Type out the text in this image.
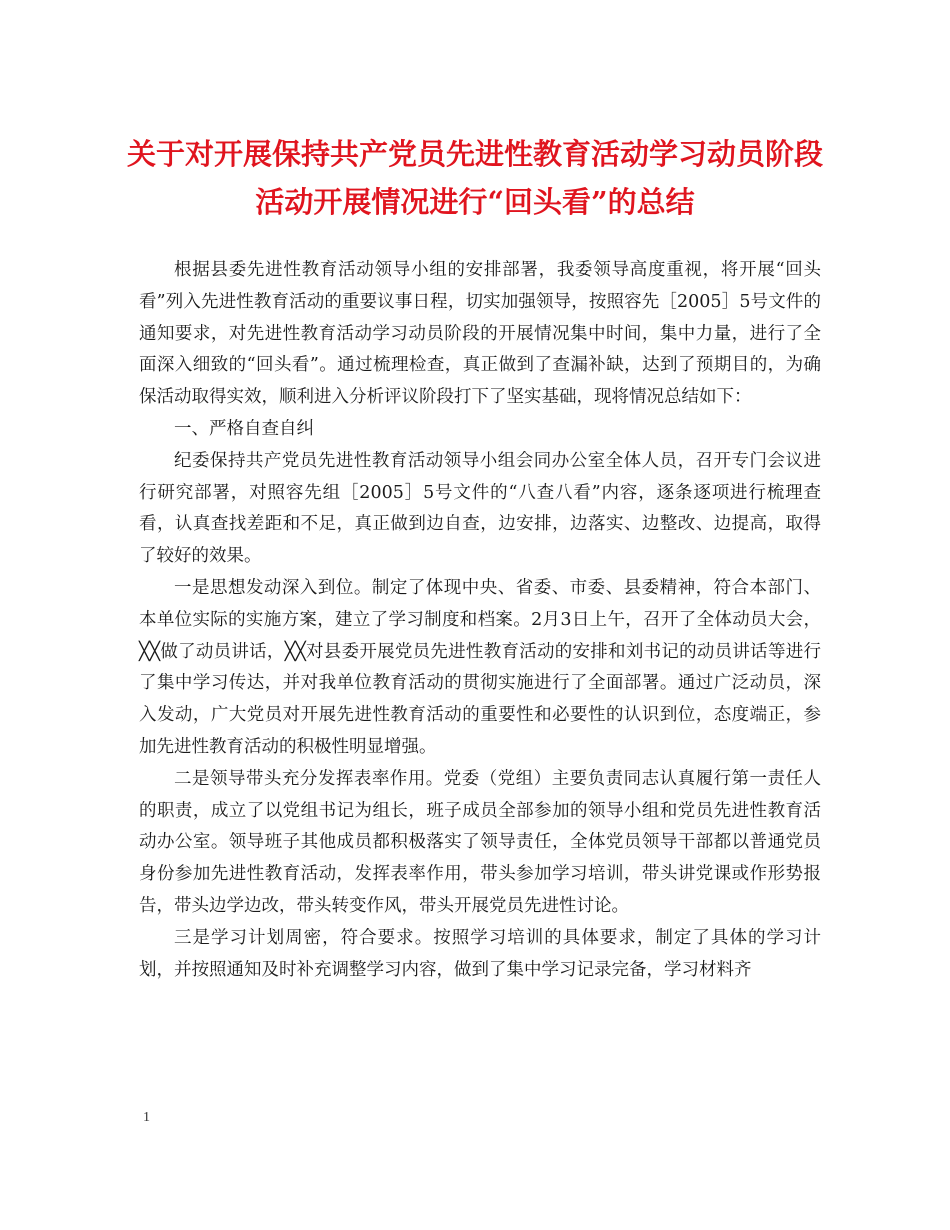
关于对开展保持共产党员先进性教育活动学习动员阶段
活动开展情况进行“回头看”的总结

根据县委先进性教育活动领导小组的安排部署，我委领导高度重视，将开展“回头看”列入先进性教育活动的重要议事日程，切实加强领导，按照容先［2005］5号文件的通知要求，对先进性教育活动学习动员阶段的开展情况集中时间，集中力量，进行了全面深入细致的“回头看”。通过梳理检查，真正做到了查漏补缺，达到了预期目的，为确保活动取得实效，顺利进入分析评议阶段打下了坚实基础，现将情况总结如下：

一、严格自查自纠

纪委保持共产党员先进性教育活动领导小组会同办公室全体人员，召开专门会议进行研究部署，对照容先组［2005］5号文件的“八查八看”内容，逐条逐项进行梳理查看，认真查找差距和不足，真正做到边自查，边安排，边落实、边整改、边提高，取得了较好的效果。

一是思想发动深入到位。制定了体现中央、省委、市委、县委精神，符合本部门、本单位实际的实施方案，建立了学习制度和档案。2月3日上午，召开了全体动员大会，╳╳做了动员讲话，╳╳对县委开展党员先进性教育活动的安排和刘书记的动员讲话等进行了集中学习传达，并对我单位教育活动的贯彻实施进行了全面部署。通过广泛动员，深入发动，广大党员对开展先进性教育活动的重要性和必要性的认识到位，态度端正，参加先进性教育活动的积极性明显增强。

二是领导带头充分发挥表率作用。党委（党组）主要负责同志认真履行第一责任人的职责，成立了以党组书记为组长，班子成员全部参加的领导小组和党员先进性教育活动办公室。领导班子其他成员都积极落实了领导责任，全体党员领导干部都以普通党员身份参加先进性教育活动，发挥表率作用，带头参加学习培训，带头讲党课或作形势报告，带头边学边改，带头转变作风，带头开展党员先进性讨论。

三是学习计划周密，符合要求。按照学习培训的具体要求，制定了具体的学习计划，并按照通知及时补充调整学习内容，做到了集中学习记录完备，学习材料齐

1
